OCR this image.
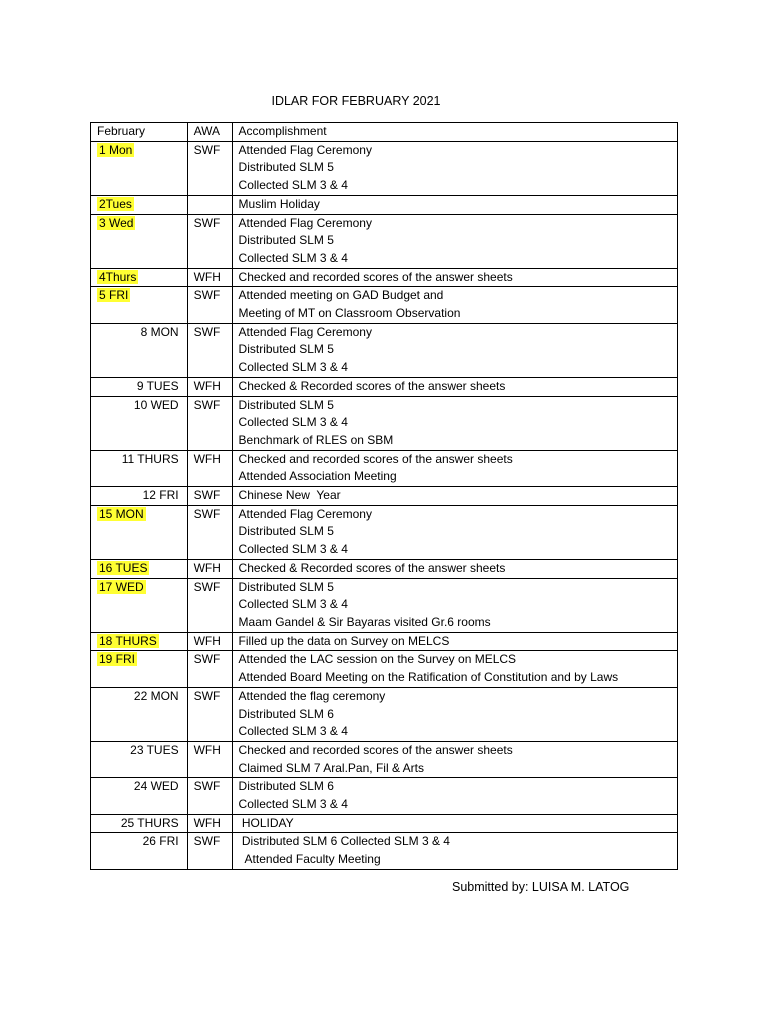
IDLAR FOR FEBRUARY 2021
February	AWA	Accomplishment
1 Mon	SWF	Attended Flag Ceremony
Distributed SLM 5
Collected SLM 3 & 4

2Tues		Muslim Holiday

3 Wed	SWF	Attended Flag Ceremony
Distributed SLM 5
Collected SLM 3 & 4

4Thurs	WFH	Checked and recorded scores of the answer sheets

5 FRI	SWF	Attended meeting on GAD Budget and
Meeting of MT on Classroom Observation

8 MON	SWF	Attended Flag Ceremony
Distributed SLM 5
Collected SLM 3 & 4

9 TUES	WFH	Checked & Recorded scores of the answer sheets

10 WED	SWF	Distributed SLM 5
Collected SLM 3 & 4
Benchmark of RLES on SBM

11 THURS	WFH	Checked and recorded scores of the answer sheets
Attended Association Meeting

12 FRI	SWF	Chinese New  Year

15 MON	SWF	Attended Flag Ceremony
Distributed SLM 5
Collected SLM 3 & 4

16 TUES	WFH	Checked & Recorded scores of the answer sheets

17 WED	SWF	Distributed SLM 5
Collected SLM 3 & 4
Maam Gandel & Sir Bayaras visited Gr.6 rooms

18 THURS	WFH	Filled up the data on Survey on MELCS

19 FRI	SWF	Attended the LAC session on the Survey on MELCS
Attended Board Meeting on the Ratification of Constitution and by Laws

22 MON	SWF	Attended the flag ceremony
Distributed SLM 6
Collected SLM 3 & 4

23 TUES	WFH	Checked and recorded scores of the answer sheets
Claimed SLM 7 Aral.Pan, Fil & Arts

24 WED	SWF	Distributed SLM 6
Collected SLM 3 & 4

25 THURS	WFH	HOLIDAY

26 FRI	SWF	Distributed SLM 6 Collected SLM 3 & 4
Attended Faculty Meeting
Submitted by: LUISA M. LATOG
